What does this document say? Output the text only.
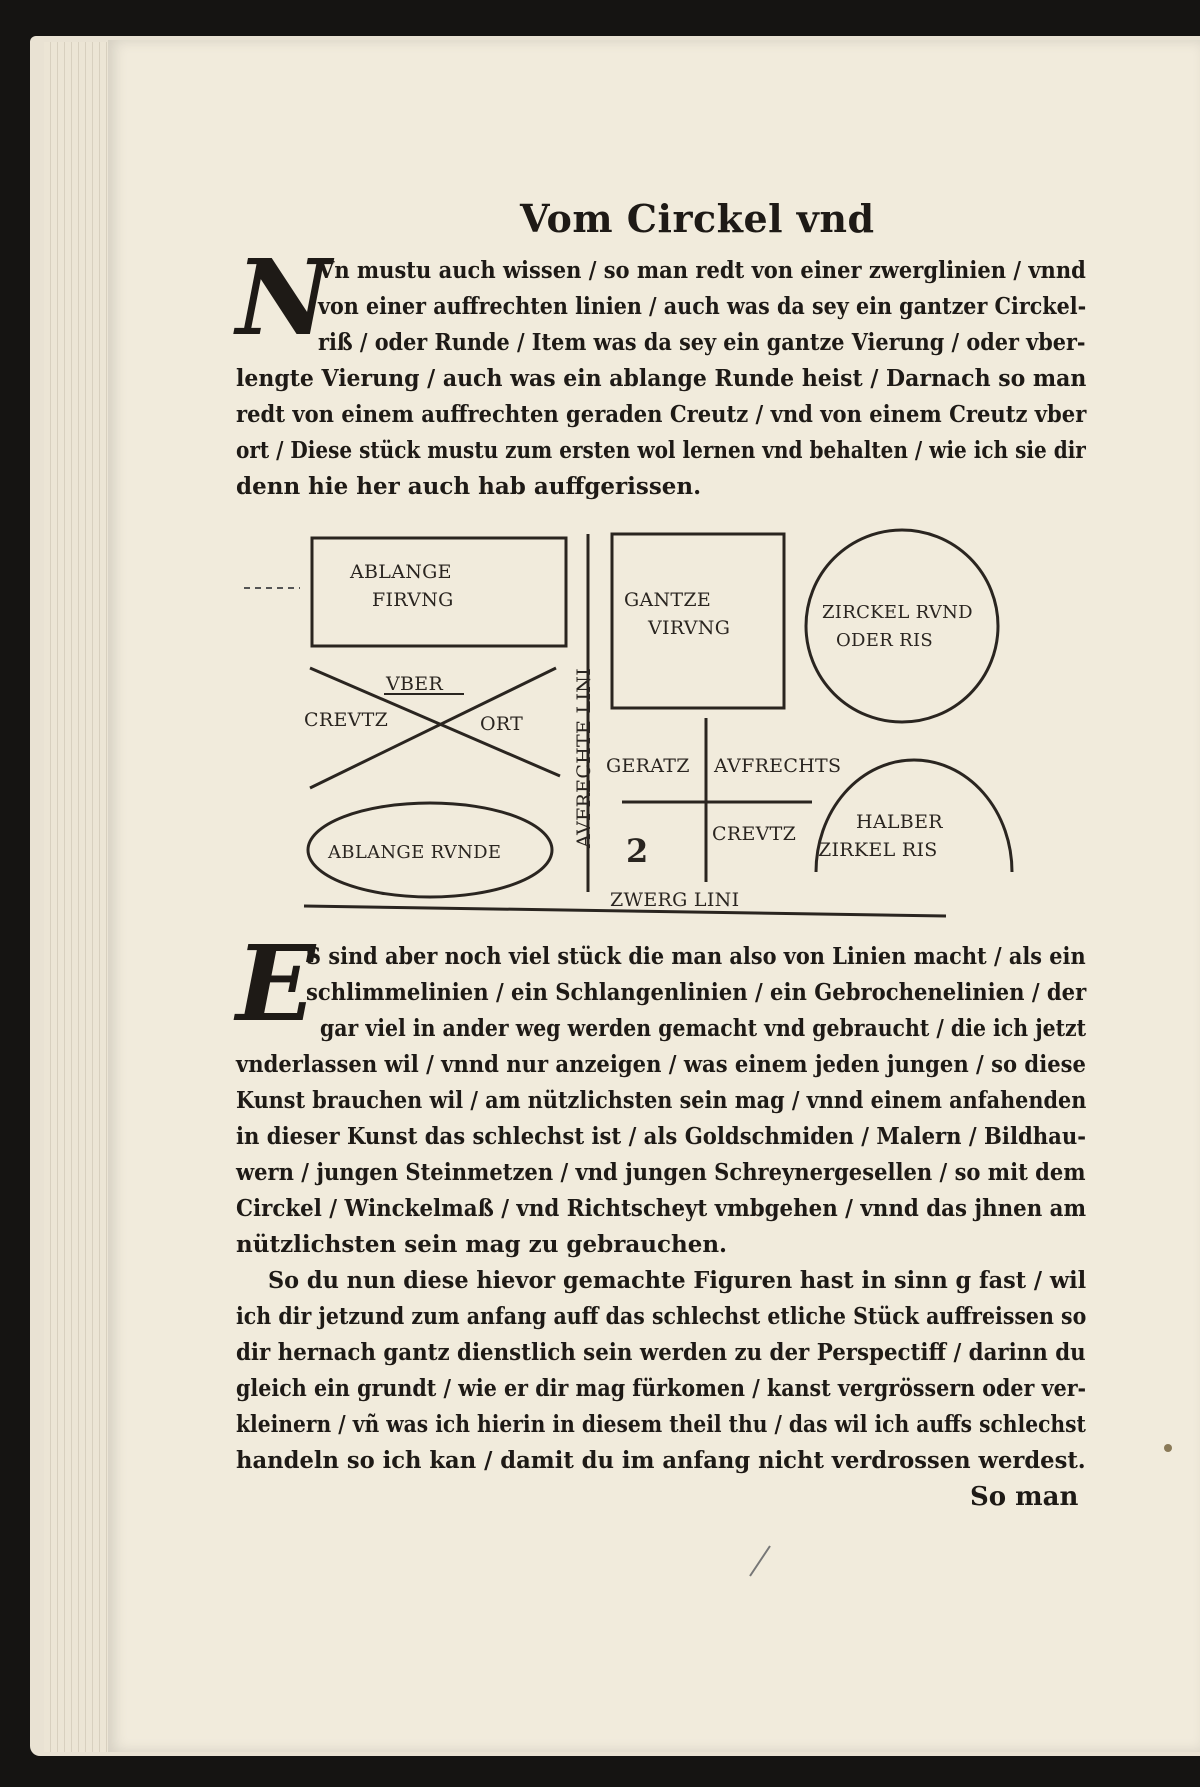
Vom Circkel vnd
N
Vn mustu auch wissen / so man redt von einer zwerglinien / vnnd
von einer auffrechten linien / auch was da sey ein gantzer Circkel-
riß / oder Runde / Item was da sey ein gantze Vierung / oder vber-
lengte Vierung / auch was ein ablange Runde heist / Darnach so man
redt von einem auffrechten geraden Creutz / vnd von einem Creutz vber
ort / Diese stück mustu zum ersten wol lernen vnd behalten / wie ich sie dir
denn hie her auch hab auffgerissen.
ABLANGE
FIRVNG
VBER
CREVTZ	ORT
ABLANGE RVNDE
AVFRECHTE LINI
GANTZE
VIRVNG
ZIRCKEL RVND
ODER RIS
GERATZ AVFRECHTS
CREVTZ
2
HALBER
ZIRKEL RIS
ZWERG LINI
E
S sind aber noch viel stück die man also von Linien macht / als ein
schlimmelinien / ein Schlangenlinien / ein Gebrochenelinien / der
gar viel in ander weg werden gemacht vnd gebraucht / die ich jetzt
vnderlassen wil / vnnd nur anzeigen / was einem jeden jungen / so diese
Kunst brauchen wil / am nützlichsten sein mag / vnnd einem anfahenden
in dieser Kunst das schlechst ist / als Goldschmiden / Malern / Bildhau-
wern / jungen Steinmetzen / vnd jungen Schreynergesellen / so mit dem
Circkel / Winckelmaß / vnd Richtscheyt vmbgehen / vnnd das jhnen am
nützlichsten sein mag zu gebrauchen.
So du nun diese hievor gemachte Figuren hast in sinn g fast / wil
ich dir jetzund zum anfang auff das schlechst etliche Stück auffreissen so
dir hernach gantz dienstlich sein werden zu der Perspectiff / darinn du
gleich ein grundt / wie er dir mag fürkomen / kanst vergrössern oder ver-
kleinern / vñ was ich hierin in diesem theil thu / das wil ich auffs schlechst
handeln so ich kan / damit du im anfang nicht verdrossen werdest.
So man
